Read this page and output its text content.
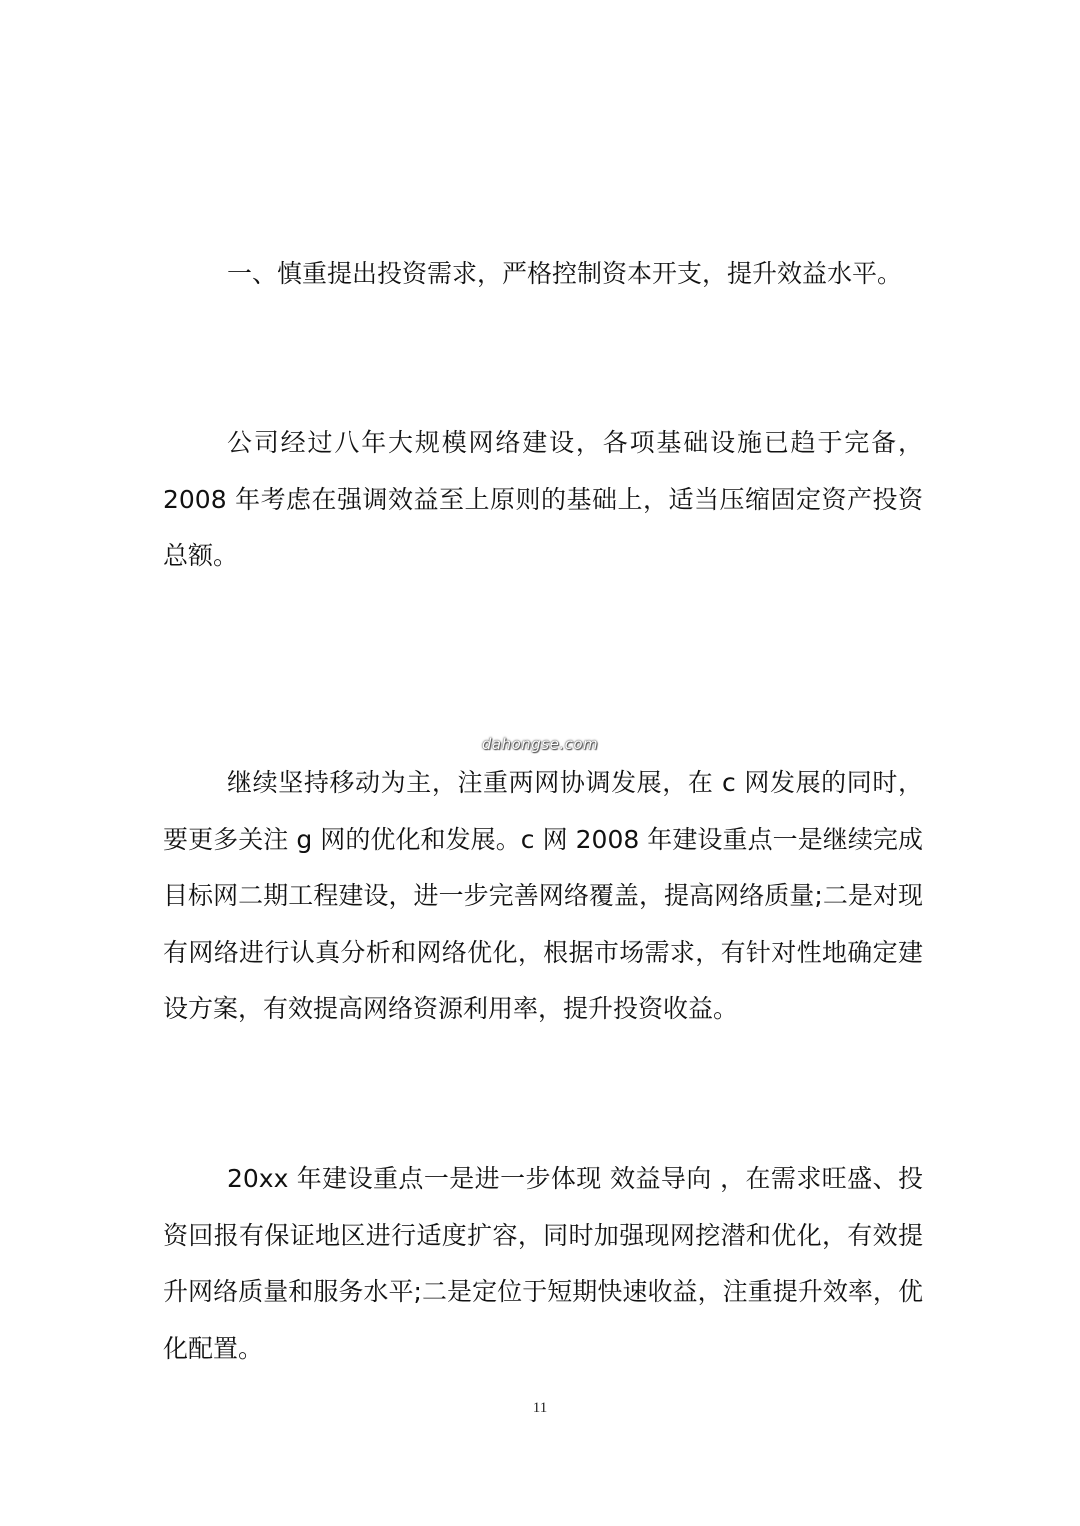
一、慎重提出投资需求，严格控制资本开支，提升效益水平。

公司经过八年大规模网络建设，各项基础设施已趋于完备，2008 年考虑在强调效益至上原则的基础上，适当压缩固定资产投资总额。

dahongse.com

继续坚持移动为主，注重两网协调发展，在 c 网发展的同时，要更多关注 g 网的优化和发展。c 网 2008 年建设重点一是继续完成目标网二期工程建设，进一步完善网络覆盖，提高网络质量;二是对现有网络进行认真分析和网络优化，根据市场需求，有针对性地确定建设方案，有效提高网络资源利用率，提升投资收益。

20xx 年建设重点一是进一步体现 效益导向 ，在需求旺盛、投资回报有保证地区进行适度扩容，同时加强现网挖潜和优化，有效提升网络质量和服务水平;二是定位于短期快速收益，注重提升效率，优化配置。

11
